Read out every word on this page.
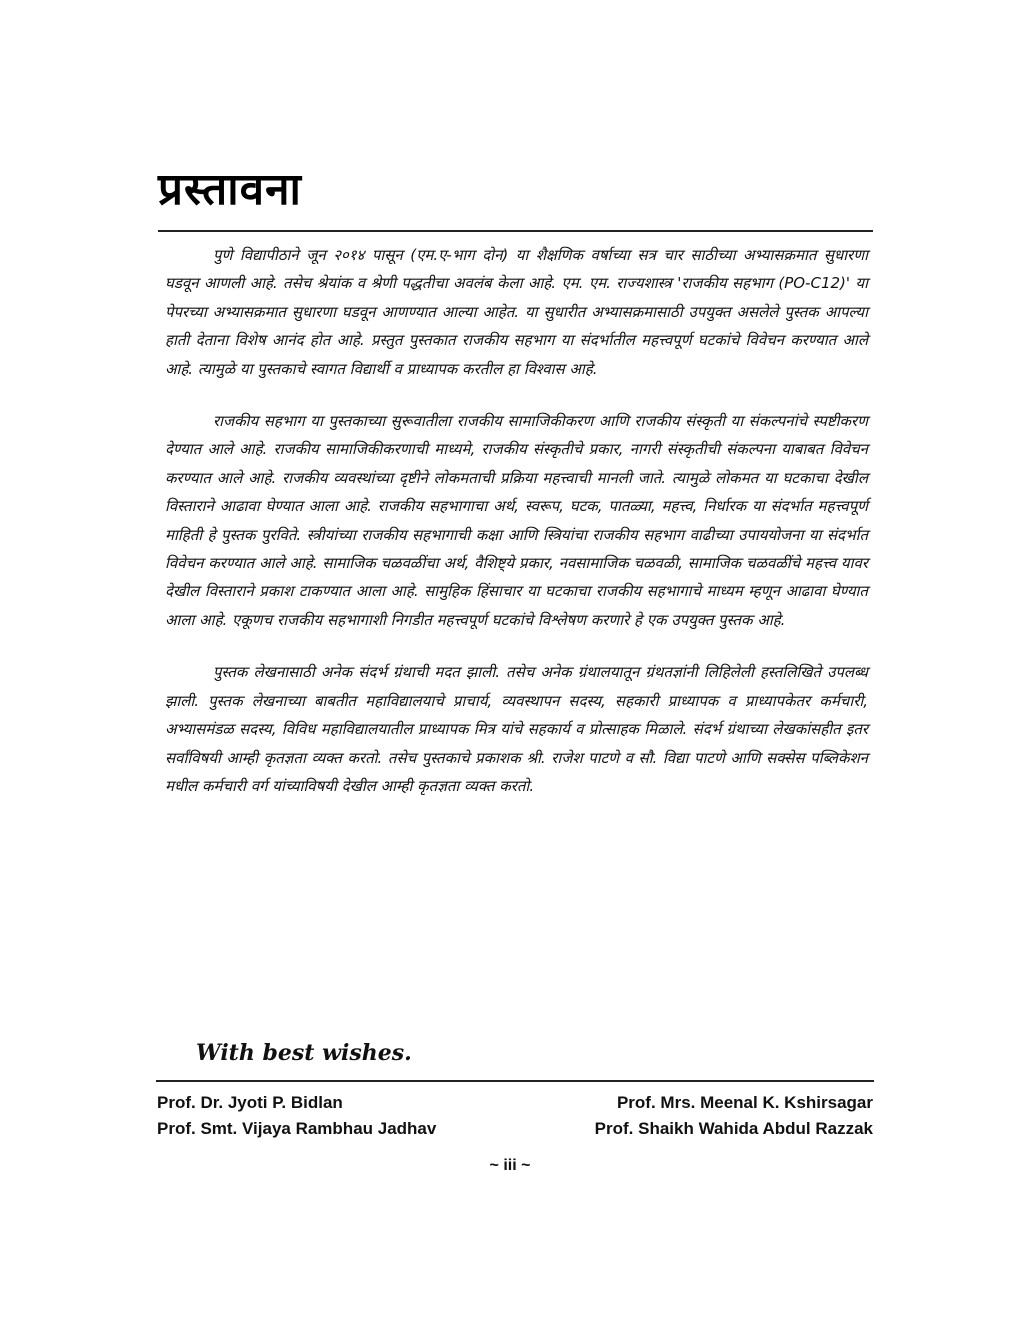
प्रस्तावना

पुणे विद्यापीठाने जून २०१४ पासून (एम.ए-भाग दोन) या शैक्षणिक वर्षाच्या सत्र चार साठीच्या अभ्यासक्रमात सुधारणा घडवून आणली आहे. तसेच श्रेयांक व श्रेणी पद्धतीचा अवलंब केला आहे. एम. एम. राज्यशास्त्र 'राजकीय सहभाग (PO-C12)' या पेपरच्या अभ्यासक्रमात सुधारणा घडवून आणण्यात आल्या आहेत. या सुधारीत अभ्यासक्रमासाठी उपयुक्त असलेले पुस्तक आपल्या हाती देताना विशेष आनंद होत आहे. प्रस्तुत पुस्तकात राजकीय सहभाग या संदर्भातील महत्त्वपूर्ण घटकांचे विवेचन करण्यात आले आहे. त्यामुळे या पुस्तकाचे स्वागत विद्यार्थी व प्राध्यापक करतील हा विश्वास आहे.

राजकीय सहभाग या पुस्तकाच्या सुरूवातीला राजकीय सामाजिकीकरण आणि राजकीय संस्कृती या संकल्पनांचे स्पष्टीकरण देण्यात आले आहे. राजकीय सामाजिकीकरणाची माध्यमे, राजकीय संस्कृतीचे प्रकार, नागरी संस्कृतीची संकल्पना याबाबत विवेचन करण्यात आले आहे. राजकीय व्यवस्थांच्या दृष्टीने लोकमताची प्रक्रिया महत्त्वाची मानली जाते. त्यामुळे लोकमत या घटकाचा देखील विस्ताराने आढावा घेण्यात आला आहे. राजकीय सहभागाचा अर्थ, स्वरूप, घटक, पातळ्या, महत्त्व, निर्धारक या संदर्भात महत्त्वपूर्ण माहिती हे पुस्तक पुरविते. स्त्रीयांच्या राजकीय सहभागाची कक्षा आणि स्त्रियांचा राजकीय सहभाग वाढीच्या उपाययोजना या संदर्भात विवेचन करण्यात आले आहे. सामाजिक चळवळींचा अर्थ, वैशिष्ट्ये प्रकार, नवसामाजिक चळवळी, सामाजिक चळवळींचे महत्त्व यावर देखील विस्ताराने प्रकाश टाकण्यात आला आहे. सामुहिक हिंसाचार या घटकाचा राजकीय सहभागाचे माध्यम म्हणून आढावा घेण्यात आला आहे. एकूणच राजकीय सहभागाशी निगडीत महत्त्वपूर्ण घटकांचे विश्लेषण करणारे हे एक उपयुक्त पुस्तक आहे.

पुस्तक लेखनासाठी अनेक संदर्भ ग्रंथाची मदत झाली. तसेच अनेक ग्रंथालयातून ग्रंथतज्ञांनी लिहिलेली हस्तलिखिते उपलब्ध झाली. पुस्तक लेखनाच्या बाबतीत महाविद्यालयाचे प्राचार्य, व्यवस्थापन सदस्य, सहकारी प्राध्यापक व प्राध्यापकेतर कर्मचारी, अभ्यासमंडळ सदस्य, विविध महाविद्यालयातील प्राध्यापक मित्र यांचे सहकार्य व प्रोत्साहक मिळाले. संदर्भ ग्रंथाच्या लेखकांसहीत इतर सर्वांविषयी आम्ही कृतज्ञता व्यक्त करतो. तसेच पुस्तकाचे प्रकाशक श्री. राजेश पाटणे व सौ. विद्या पाटणे आणि सक्सेस पब्लिकेशन मधील कर्मचारी वर्ग यांच्याविषयी देखील आम्ही कृतज्ञता व्यक्त करतो.

With best wishes.

Prof. Dr. Jyoti P. Bidlan
Prof. Smt. Vijaya Rambhau Jadhav
Prof. Mrs. Meenal K. Kshirsagar
Prof. Shaikh Wahida Abdul Razzak
~ iii ~
